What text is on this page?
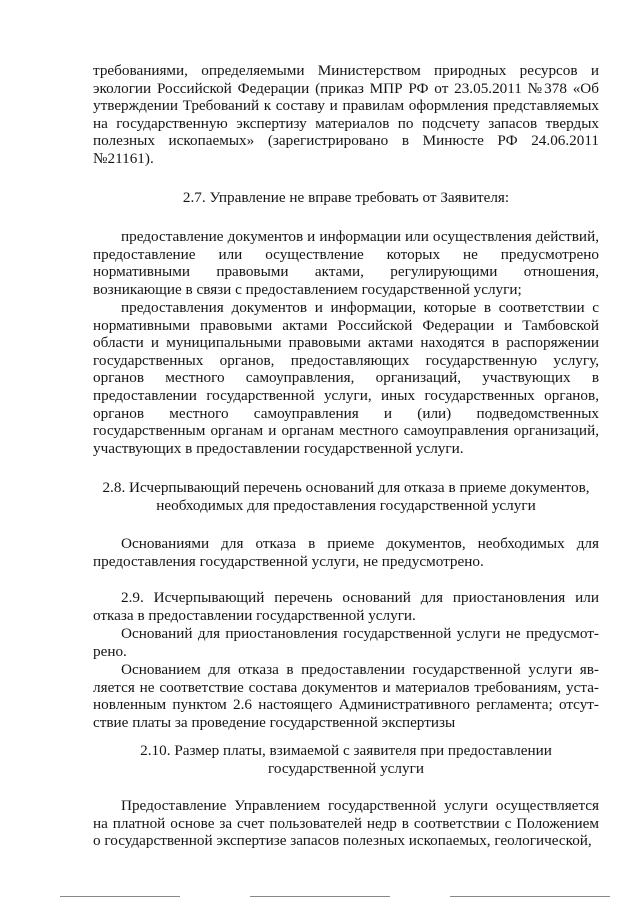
требованиями, определяемыми Министерством природных ресурсов и экологии Российской Федерации (приказ МПР РФ от 23.05.2011 №378 «Об утверждении Требований к составу и правилам оформления представляемых на государственную экспертизу материалов по подсчету запасов твердых полезных ископаемых» (зарегистрировано в Минюсте РФ 24.06.2011 №21161).

2.7. Управление не вправе требовать от Заявителя:

предоставление документов и информации или осуществления действий, предоставление или осуществление которых не предусмотрено нормативными правовыми актами, регулирующими отношения, возникающие в связи с предоставлением государственной услуги;

предоставления документов и информации, которые в соответствии с нормативными правовыми актами Российской Федерации и Тамбовской области и муниципальными правовыми актами находятся в распоряжении государственных органов, предоставляющих государственную услугу, органов местного самоуправления, организаций, участвующих в предоставлении государственной услуги, иных государственных органов, органов местного самоуправления и (или) подведомственных государственным органам и органам местного самоуправления организаций, участвующих в предоставлении государственной услуги.

2.8. Исчерпывающий перечень оснований для отказа в приеме документов,
необходимых для предоставления государственной услуги

Основаниями для отказа в приеме документов, необходимых для предоставления государственной услуги, не предусмотрено.

2.9. Исчерпывающий перечень оснований для приостановления или отказа в предоставлении государственной услуги.

Оснований для приостановления государственной услуги не предусмот-рено.

Основанием для отказа в предоставлении государственной услуги яв-ляется не соответствие состава документов и материалов требованиям, уста-новленным пунктом 2.6 настоящего Административного регламента; отсут-ствие платы за проведение государственной экспертизы

2.10. Размер платы, взимаемой с заявителя при предоставлении
государственной услуги

Предоставление Управлением государственной услуги осуществляется на платной основе за счет пользователей недр в соответствии с Положением о государственной экспертизе запасов полезных ископаемых, геологической,
